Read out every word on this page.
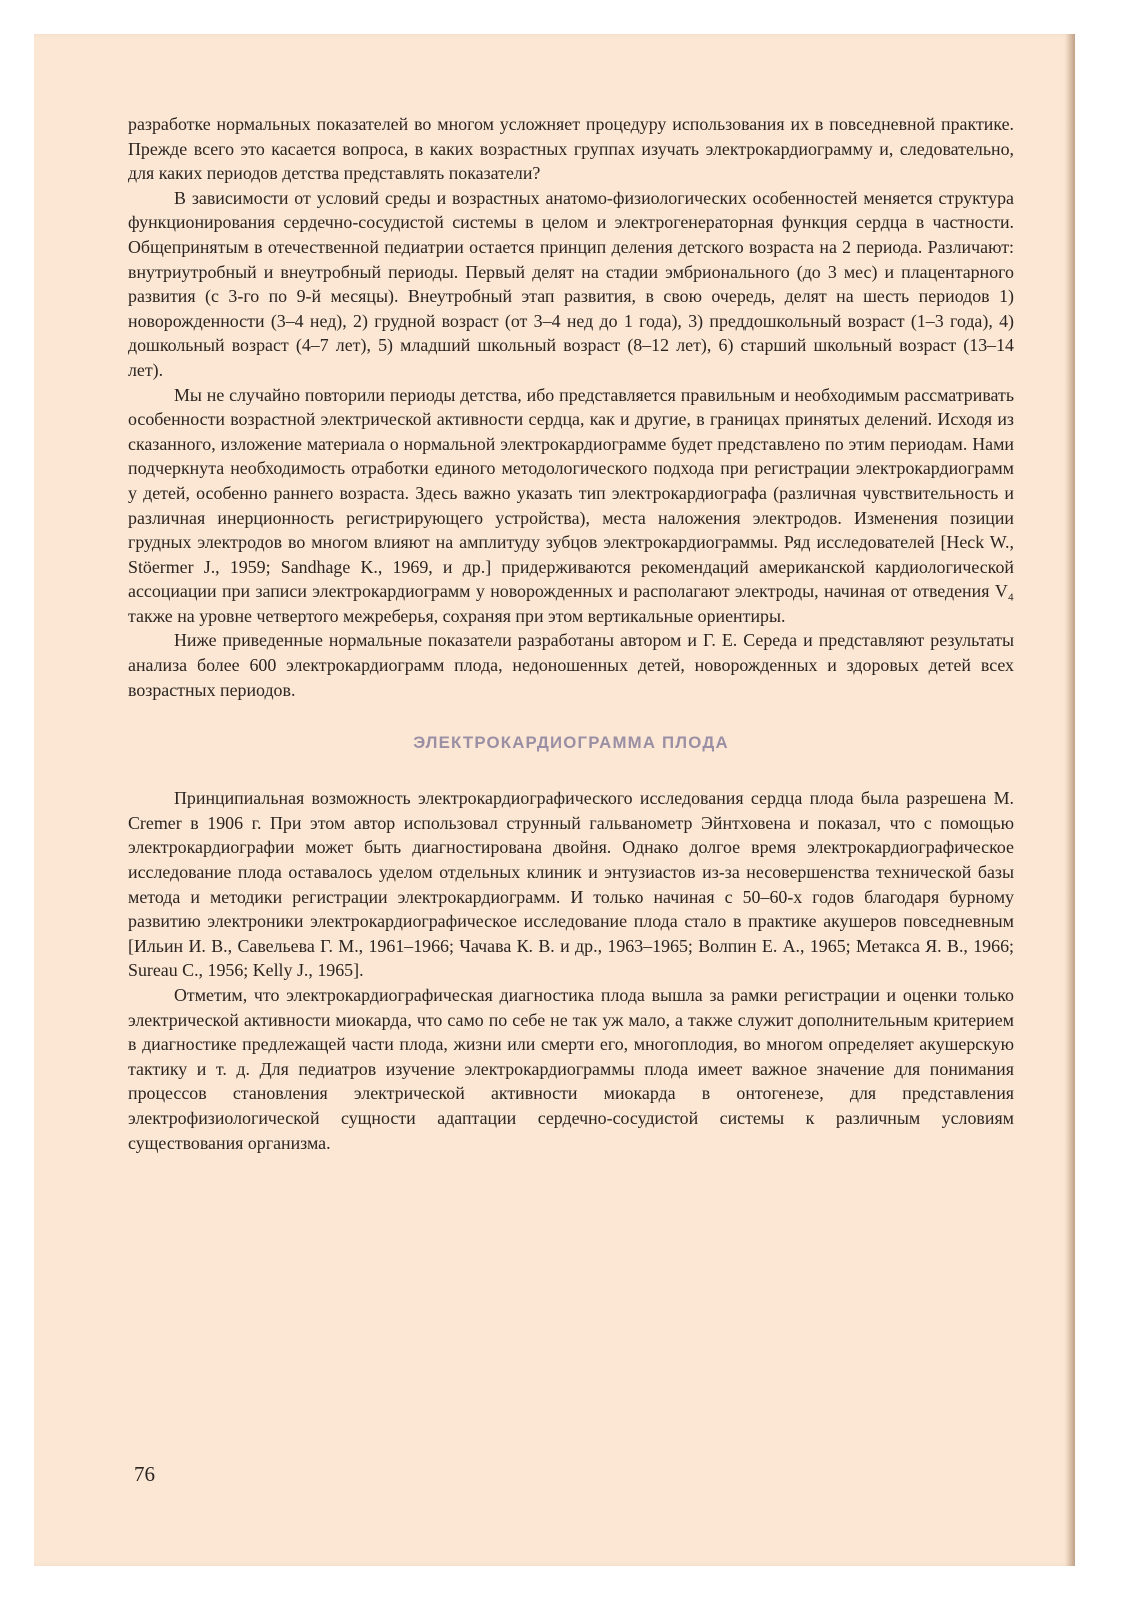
разработке нормальных показателей во многом усложняет процедуру использования их в повседневной практике. Прежде всего это касается вопроса, в каких возрастных группах изучать электрокардиограмму и, следовательно, для каких периодов детства представлять показатели?

В зависимости от условий среды и возрастных анатомо-физиологических особенностей меняется структура функционирования сердечно-сосудистой системы в целом и электрогенераторная функция сердца в частности. Общепринятым в отечественной педиатрии остается принцип деления детского возраста на 2 периода. Различают: внутриутробный и внеутробный периоды. Первый делят на стадии эмбрионального (до 3 мес) и плацентарного развития (с 3-го по 9-й месяцы). Внеутробный этап развития, в свою очередь, делят на шесть периодов 1) новорожденности (3–4 нед), 2) грудной возраст (от 3–4 нед до 1 года), 3) преддошкольный возраст (1–3 года), 4) дошкольный возраст (4–7 лет), 5) младший школьный возраст (8–12 лет), 6) старший школьный возраст (13–14 лет).

Мы не случайно повторили периоды детства, ибо представляется правильным и необходимым рассматривать особенности возрастной электрической активности сердца, как и другие, в границах принятых делений. Исходя из сказанного, изложение материала о нормальной электрокардиограмме будет представлено по этим периодам. Нами подчеркнута необходимость отработки единого методологического подхода при регистрации электрокардиограмм у детей, особенно раннего возраста. Здесь важно указать тип электрокардиографа (различная чувствительность и различная инерционность регистрирующего устройства), места наложения электродов. Изменения позиции грудных электродов во многом влияют на амплитуду зубцов электрокардиограммы. Ряд исследователей [Heck W., Stöermer J., 1959; Sandhage K., 1969, и др.] придерживаются рекомендаций американской кардиологической ассоциации при записи электрокардиограмм у новорожденных и располагают электроды, начиная от отведения V₄ также на уровне четвертого межреберья, сохраняя при этом вертикальные ориентиры.

Ниже приведенные нормальные показатели разработаны автором и Г. Е. Середа и представляют результаты анализа более 600 электрокардиограмм плода, недоношенных детей, новорожденных и здоровых детей всех возрастных периодов.

ЭЛЕКТРОКАРДИОГРАММА ПЛОДА

Принципиальная возможность электрокардиографического исследования сердца плода была разрешена M. Cremer в 1906 г. При этом автор использовал струнный гальванометр Эйнтховена и показал, что с помощью электрокардиографии может быть диагностирована двойня. Однако долгое время электрокардиографическое исследование плода оставалось уделом отдельных клиник и энтузиастов из-за несовершенства технической базы метода и методики регистрации электрокардиограмм. И только начиная с 50–60-х годов благодаря бурному развитию электроники электрокардиографическое исследование плода стало в практике акушеров повседневным [Ильин И. В., Савельева Г. М., 1961–1966; Чачава К. В. и др., 1963–1965; Волпин Е. А., 1965; Метакса Я. В., 1966; Sureau C., 1956; Kelly J., 1965].

Отметим, что электрокардиографическая диагностика плода вышла за рамки регистрации и оценки только электрической активности миокарда, что само по себе не так уж мало, а также служит дополнительным критерием в диагностике предлежащей части плода, жизни или смерти его, многоплодия, во многом определяет акушерскую тактику и т. д. Для педиатров изучение электрокардиограммы плода имеет важное значение для понимания процессов становления электрической активности миокарда в онтогенезе, для представления электрофизиологической сущности адаптации сердечно-сосудистой системы к различным условиям существования организма.

76
